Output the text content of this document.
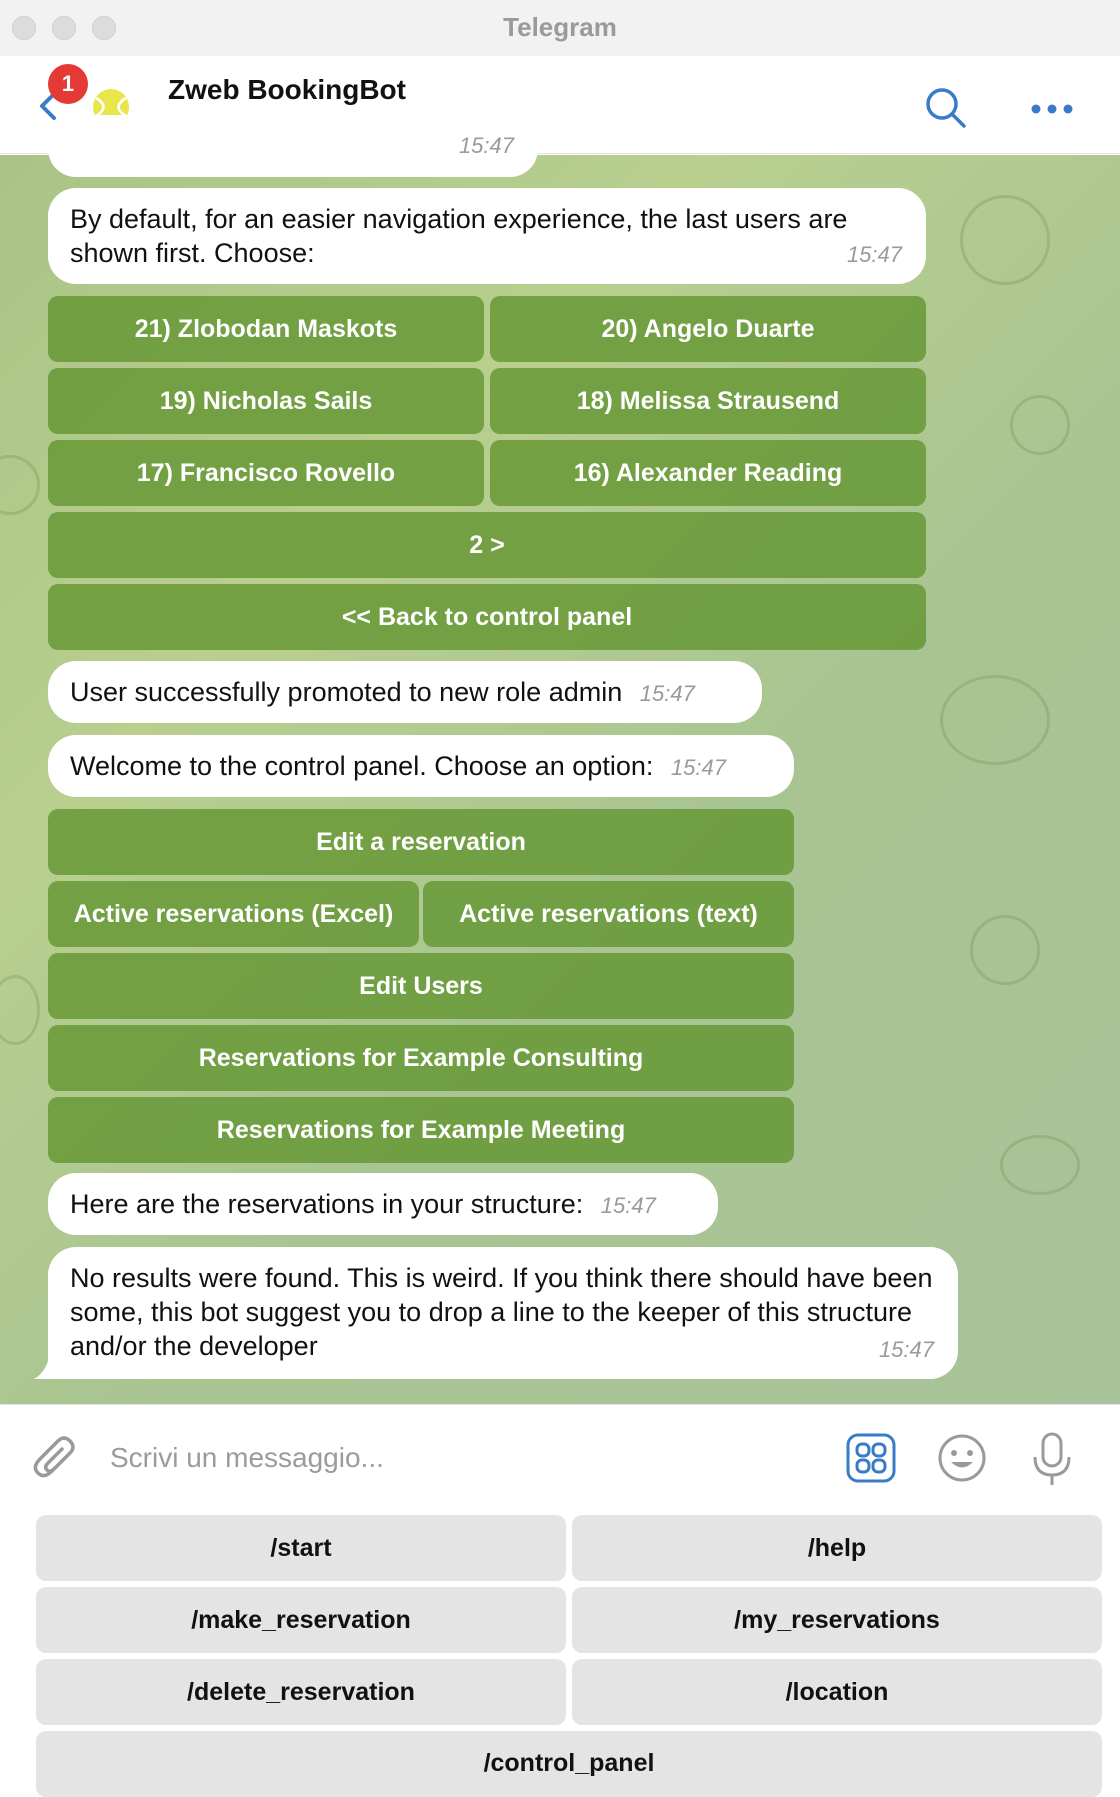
Telegram
1	Zweb BookingBot
15:47
By default, for an easier navigation experience, the last users are shown first. Choose:	15:47
21) Zlobodan Maskots	20) Angelo Duarte
19) Nicholas Sails	18) Melissa Strausend
17) Francisco Rovello	16) Alexander Reading
2 >
<< Back to control panel
User successfully promoted to new role admin 15:47
Welcome to the control panel. Choose an option: 15:47
Edit a reservation
Active reservations (Excel)	Active reservations (text)
Edit Users
Reservations for Example Consulting
Reservations for Example Meeting
Here are the reservations in your structure: 15:47
No results were found. This is weird. If you think there should have been some, this bot suggest you to drop a line to the keeper of this structure and/or the developer	15:47
Scrivi un messaggio...
/start	/help
/make_reservation	/my_reservations
/delete_reservation	/location
/control_panel
